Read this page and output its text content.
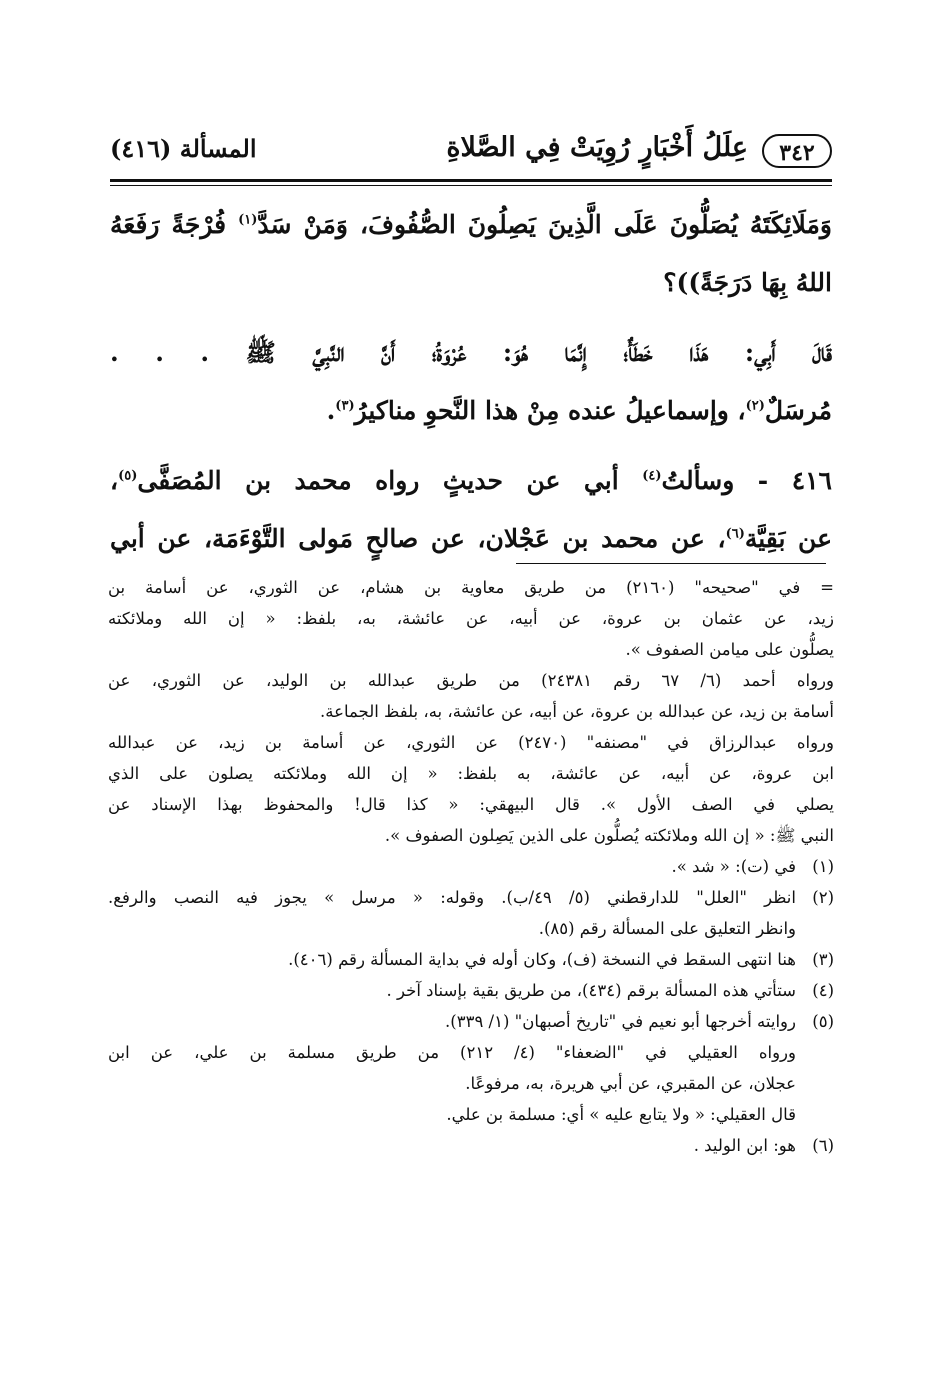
٣٤٢
عِلَلُ أَخْبَارٍ رُوِيَتْ فِي الصَّلاةِ
المسألة (٤١٦)
وَمَلَائِكَتَهُ يُصَلُّونَ عَلَى الَّذِينَ يَصِلُونَ الصُّفُوفَ، وَمَنْ سَدَّ$^{(١)}$ فُرْجَةً رَفَعَهُ
اللهُ بِهَا دَرَجَةً))؟
قَالَ أَبِي: هَذَا خَطَأٌ؛ إِنَّمَا هُوَ: عُرْوَةُ؛ أَنَّ النَّبِيَّ ﷺ . . .
مُرسَلٌ$^{(٢)}$، وإسماعيلُ عنده مِنْ هذا النَّحوِ مناكيرُ$^{(٣)}$.
٤١٦ - وسألتُ$^{(٤)}$ أبي عن حديثٍ رواه محمد بن المُصَفَّى$^{(٥)}$،
عن بَقِيَّة$^{(٦)}$، عن محمد بن عَجْلان، عن صالحٍ مَولى التَّوْءَمَة، عن أبي
= في "صحيحه" (٢١٦٠) من طريق معاوية بن هشام، عن الثوري، عن أسامة بن
زيد، عن عثمان بن عروة، عن أبيه، عن عائشة، به، بلفظ: « إن الله وملائكته
يصلُّون على ميامن الصفوف ».
ورواه أحمد (٦/ ٦٧ رقم ٢٤٣٨١) من طريق عبدالله بن الوليد، عن الثوري، عن
أسامة بن زيد، عن عبدالله بن عروة، عن أبيه، عن عائشة، به، بلفظ الجماعة.
ورواه عبدالرزاق في "مصنفه" (٢٤٧٠) عن الثوري، عن أسامة بن زيد، عن عبدالله
ابن عروة، عن أبيه، عن عائشة، به بلفظ: « إن الله وملائكته يصلون على الذي
يصلي في الصف الأول ». قال البيهقي: « كذا قال! والمحفوظ بهذا الإسناد عن
النبي ﷺ: « إن الله وملائكته يُصلُّون على الذين يَصِلون الصفوف ».
(١)في (ت): « شد ».
(٢)انظر "العلل" للدارقطني (٥/ ٤٩/ب). وقوله: « مرسل » يجوز فيه النصب والرفع.
وانظر التعليق على المسألة رقم (٨٥).
(٣)هنا انتهى السقط في النسخة (ف)، وكان أوله في بداية المسألة رقم (٤٠٦).
(٤)ستأتي هذه المسألة برقم (٤٣٤)، من طريق بقية بإسناد آخر .
(٥)روايته أخرجها أبو نعيم في "تاريخ أصبهان" (١/ ٣٣٩).
ورواه العقيلي في "الضعفاء" (٤/ ٢١٢) من طريق مسلمة بن علي، عن ابن
عجلان، عن المقبري، عن أبي هريرة، به، مرفوعًا.
قال العقيلي: « ولا يتابع عليه » أي: مسلمة بن علي.
(٦)هو: ابن الوليد .
